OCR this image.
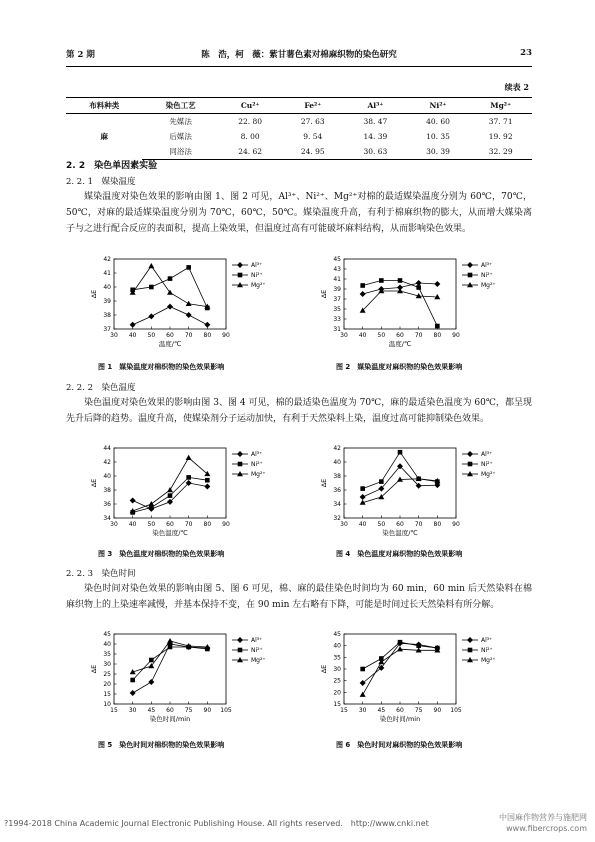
第 2 期	陈　浩，柯　薇：紫甘薯色素对棉麻织物的染色研究	23
续表 2
布料种类	染色工艺	Cu²⁺	Fe²⁺	Al³⁺	Ni²⁺	Mg²⁺
麻	先媒法	22. 80	27. 63	38. 47	40. 60	37. 71
	后媒法	8. 00	9. 54	14. 39	10. 35	19. 92
	同浴法	24. 62	24. 95	30. 63	30. 39	32. 29
2. 2　染色单因素实验
2. 2. 1　媒染温度

媒染温度对染色效果的影响由图 1、图 2 可见，Al³⁺、Ni²⁺、Mg²⁺对棉的最适媒染温度分别为 60℃，70℃，50℃，对麻的最适媒染温度分别为 70℃，60℃，50℃。媒染温度升高，有利于棉麻织物的膨大，从而增大媒染离子与之进行配合反应的表面积，提高上染效果，但温度过高有可能破坏麻料结构，从而影响染色效果。

30 40 50 60 70 80 90
37
38
39
40
41
42
温度/℃
ΔE
Al³⁺
Ni²⁺
Mg²⁺
图 1　媒染温度对棉织物的染色效果影响
30 40 50 60 70 80 90
31
33
35
37
39
41
43
45
温度/℃
ΔE
Al³⁺
Ni²⁺
Mg²⁺
图 2　媒染温度对麻织物的染色效果影响
2. 2. 2　染色温度

染色温度对染色效果的影响由图 3、图 4 可见，棉的最适染色温度为 70℃，麻的最适染色温度为 60℃，都呈现先升后降的趋势。温度升高，使媒染剂分子运动加快，有利于天然染料上染，温度过高可能抑制染色效果。

30 40 50 60 70 80 90
34
36
38
40
42
44
染色温度/℃
ΔE
Al³⁺
Ni²⁺
Mg²⁺
图 3　染色温度对棉织物的染色效果影响
30 40 50 60 70 80 90
32
34
36
38
40
42
染色温度/℃
ΔE
Al³⁺
Ni²⁺
Mg²⁺
图 4　染色温度对麻织物的染色效果影响
2. 2. 3　染色时间

染色时间对染色效果的影响由图 5、图 6 可见，棉、麻的最佳染色时间均为 60 min，60 min 后天然染料在棉麻织物上的上染速率减慢，并基本保持不变，在 90 min 左右略有下降，可能是时间过长天然染料有所分解。

15 30 45 60 75 90 105
10
15
20
25
30
35
40
45
染色时间/min
ΔE
Al³⁺
Ni²⁺
Mg²⁺
图 5　染色时间对棉织物的染色效果影响
15 30 45 60 75 90 105
15
20
25
30
35
40
45
染色时间/min
ΔE
Al³⁺
Ni²⁺
Mg²⁺
图 6　染色时间对麻织物的染色效果影响
?1994-2018 China Academic Journal Electronic Publishing House. All rights reserved.　http://www.cnki.net
中国麻作物营养与施肥网
www.fibercrops.com
